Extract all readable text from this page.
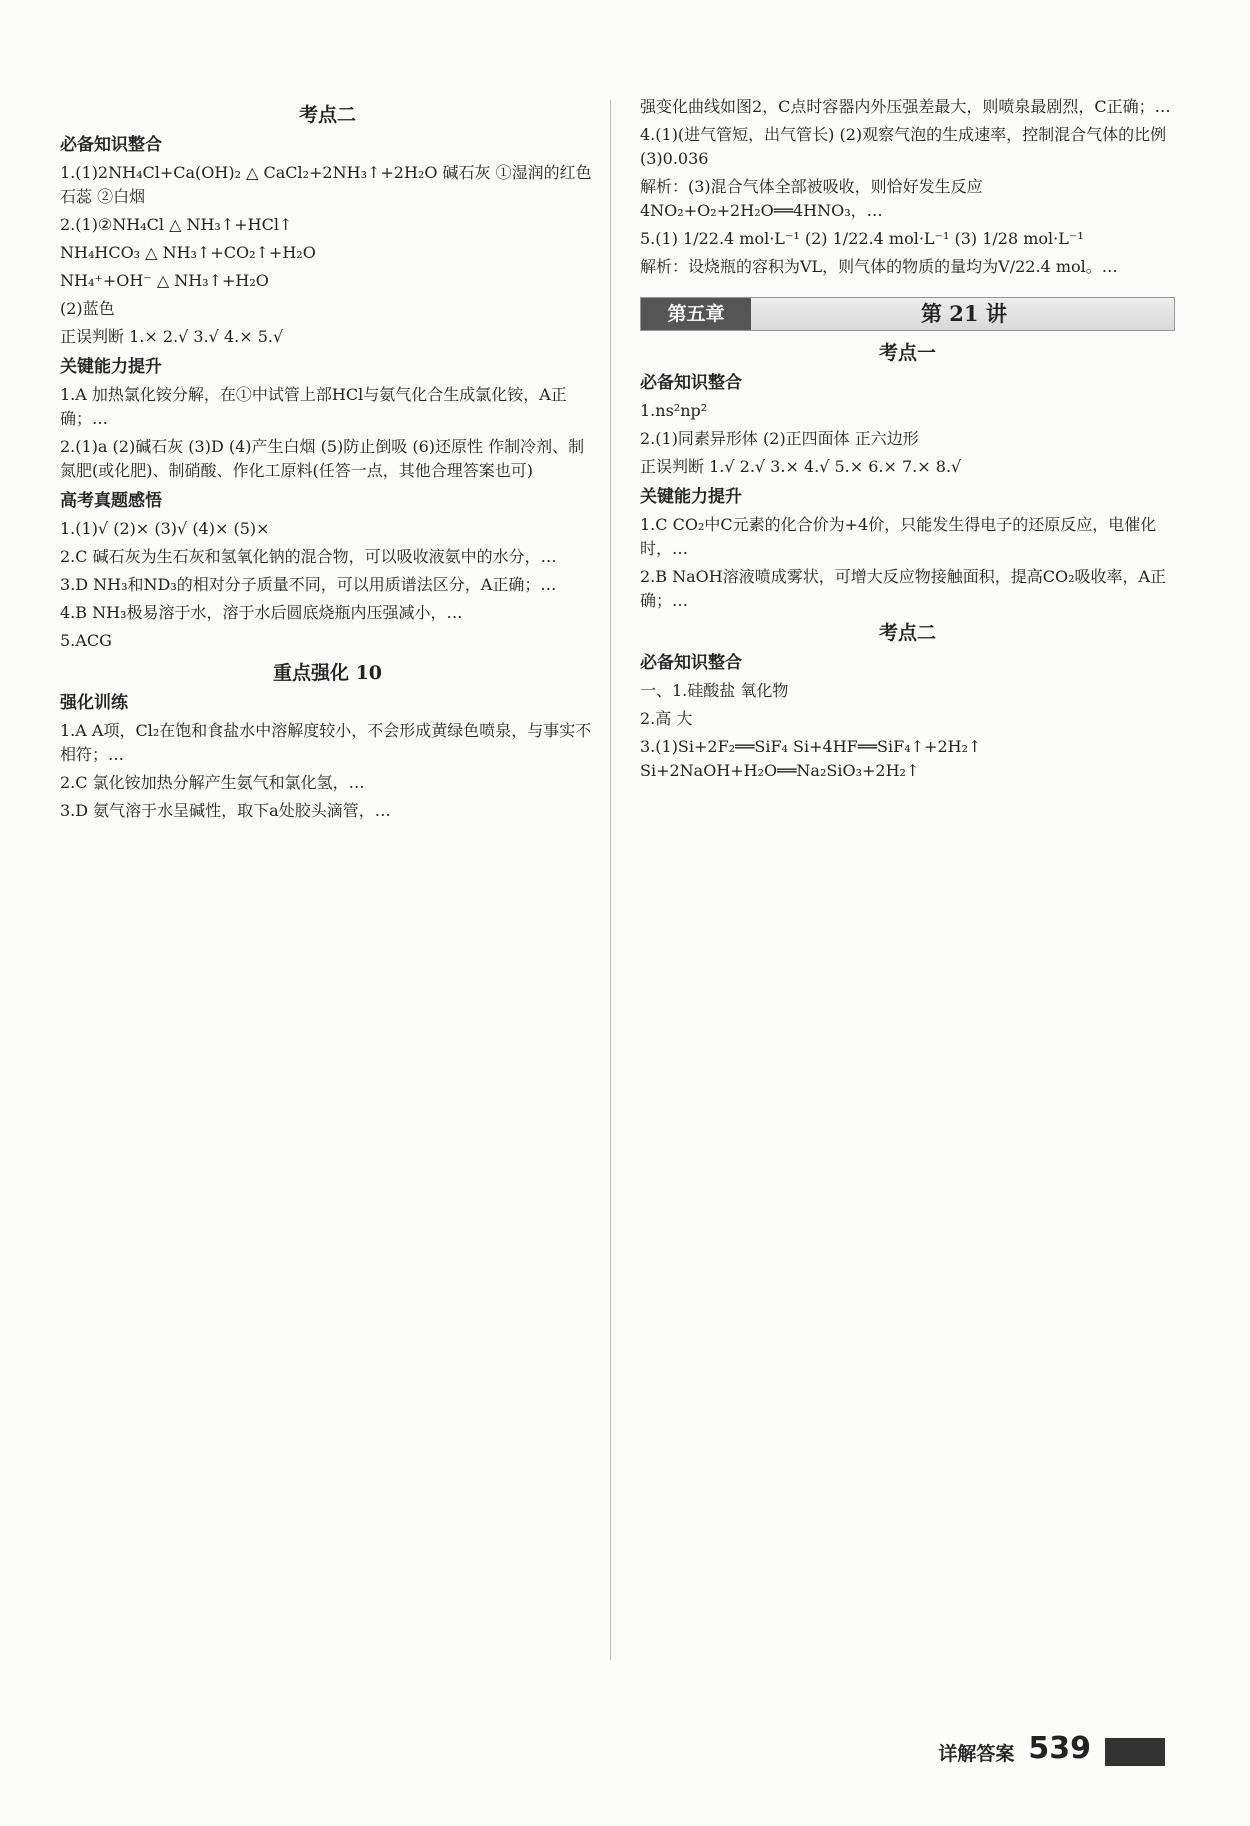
考点二
必备知识整合

1.(1)2NH₄Cl+Ca(OH)₂ △ CaCl₂+2NH₃↑+2H₂O 碱石灰 ①湿润的红色石蕊 ②白烟

2.(1)②NH₄Cl △ NH₃↑+HCl↑

NH₄HCO₃ △ NH₃↑+CO₂↑+H₂O

NH₄⁺+OH⁻ △ NH₃↑+H₂O

(2)蓝色

正误判断 1.× 2.√ 3.√ 4.× 5.√

关键能力提升

1.A 加热氯化铵分解，在①中试管上部HCl与氨气化合生成氯化铵，A正确；…

2.(1)a (2)碱石灰 (3)D (4)产生白烟 (5)防止倒吸 (6)还原性 作制冷剂、制氮肥(或化肥)、制硝酸、作化工原料(任答一点，其他合理答案也可)

高考真题感悟

1.(1)√ (2)× (3)√ (4)× (5)×

2.C 碱石灰为生石灰和氢氧化钠的混合物，可以吸收液氨中的水分，…

3.D NH₃和ND₃的相对分子质量不同，可以用质谱法区分，A正确；…

4.B NH₃极易溶于水，溶于水后圆底烧瓶内压强减小，…

5.ACG

重点强化 10
强化训练

1.A A项，Cl₂在饱和食盐水中溶解度较小，不会形成黄绿色喷泉，与事实不相符；…

2.C 氯化铵加热分解产生氨气和氯化氢，…

3.D 氨气溶于水呈碱性，取下a处胶头滴管，…

强变化曲线如图2，C点时容器内外压强差最大，则喷泉最剧烈，C正确；…

4.(1)(进气管短，出气管长) (2)观察气泡的生成速率，控制混合气体的比例 (3)0.036

解析：(3)混合气体全部被吸收，则恰好发生反应4NO₂+O₂+2H₂O══4HNO₃，…

5.(1) 1/22.4 mol·L⁻¹ (2) 1/22.4 mol·L⁻¹ (3) 1/28 mol·L⁻¹

解析：设烧瓶的容积为VL，则气体的物质的量均为V/22.4 mol。…

第五章	第 21 讲
考点一
必备知识整合

1.ns²np²

2.(1)同素异形体 (2)正四面体 正六边形

正误判断 1.√ 2.√ 3.× 4.√ 5.× 6.× 7.× 8.√

关键能力提升

1.C CO₂中C元素的化合价为+4价，只能发生得电子的还原反应，电催化时，…

2.B NaOH溶液喷成雾状，可增大反应物接触面积，提高CO₂吸收率，A正确；…

考点二
必备知识整合

一、1.硅酸盐 氧化物

2.高 大

3.(1)Si+2F₂══SiF₄ Si+4HF══SiF₄↑+2H₂↑ Si+2NaOH+H₂O══Na₂SiO₃+2H₂↑

详解答案 539
